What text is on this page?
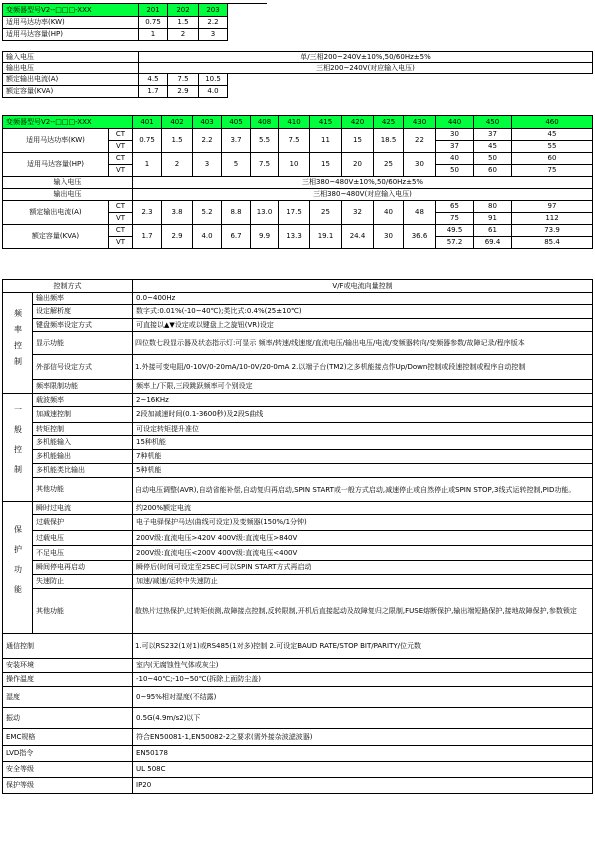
变频器型号V2--□□□-XXX	201	202	203	
适用马达功率(KW)	0.75	1.5	2.2	
适用马达容量(HP)	1	2	3	
输入电压	单/三相200~240V±10%,50/60Hz±5%
输出电压	三相200~240V(对应输入电压)
额定输出电流(A)	4.5	7.5	10.5
额定容量(KVA)	1.7	2.9	4.0
变频器型号V2--□□□-XXX		401	402	403	405	408	410	415	420	425	430	440	450	460
适用马达功率(KW)	CT	0.75	1.5	2.2	3.7	5.5	7.5	11	15	18.5	22	30	37	45
	VT											37	45	55
适用马达容量(HP)	CT	1	2	3	5	7.5	10	15	20	25	30	40	50	60
	VT											50	60	75
输入电压		三相380~480V±10%,50/60Hz±5%												
输出电压		三相380~480V(对应输入电压)												
额定输出电流(A)	CT	2.3	3.8	5.2	8.8	13.0	17.5	25	32	40	48	65	80	97
	VT											75	91	112
额定容量(KVA)	CT	1.7	2.9	4.0	6.7	9.9	13.3	19.1	24.4	30	36.6	49.5	61	73.9
	VT											57.2	69.4	85.4
控制方式		V/F或电流向量控制
频率控制	输出频率	0.0~400Hz
	设定解析度	数字式:0.01%(-10~40℃);类比式:0.4%(25±10℃)
	键盘频率设定方式	可直接以▲▼设定或以键盘上之旋钮(VR)设定
	显示功能	四位数七段显示器及状态指示灯:可显示 频率/转速/线速度/直流电压/输出电压/电流/变频器转向/变频器参数/故障记录/程序版本
	外部信号设定方式	1.外接可变电阻/0-10V/0-20mA/10-0V/20-0mA 2.以端子台(TM2)之多机能接点作Up/Down控制或段速控制或程序自动控制
	频率限制功能	频率上/下限,三段跳跃频率可个别设定
一般控制	载波频率	2~16KHz
	加减速控制	2段加减速时间(0.1-3600秒)及2段S曲线
	转矩控制	可设定转矩提升准位
	多机能输入	15种机能
	多机能输出	7种机能
	多机能类比输出	5种机能
	其他功能	自动电压调整(AVR),自动省能补偿,自动复归再启动,SPIN START或一般方式启动,减速停止或自然停止或SPIN STOP,3线式运转控制,PID功能。
保护功能	瞬时过电流	约200%额定电流
	过载保护	电子电驿保护马达(曲线可设定)及变频器(150%/1分钟)
	过载电压	200V级:直流电压>420V 400V级:直流电压>840V
	不足电压	200V级:直流电压<200V 400V级:直流电压<400V
	瞬间停电再启动	瞬停后(时间可设定至2SEC)可以SPIN START方式再启动
	失速防止	加速/减速/运转中失速防止
	其他功能	散热片过热保护,过转矩侦测,故障接点控制,反转限制,开机后直接起动及故障复归之限制,FUSE熔断保护,输出端短路保护,接地故障保护,参数锁定
通信控制		1.可以RS232(1对1)或RS485(1对多)控制 2.可设定BAUD RATE/STOP BIT/PARITY/位元数
安装环境		室内(无腐蚀性气体或灰尘)
操作温度		-10~40℃;-10~50℃(拆除上面防尘盖)
湿度		0~95%相对湿度(不结露)
振动		0.5G(4.9m/s2)以下
EMC规格		符合EN50081-1,EN50082-2之要求(需外接杂波滤波器)
LVD指令		EN50178
安全等级		UL 508C
保护等级		IP20
